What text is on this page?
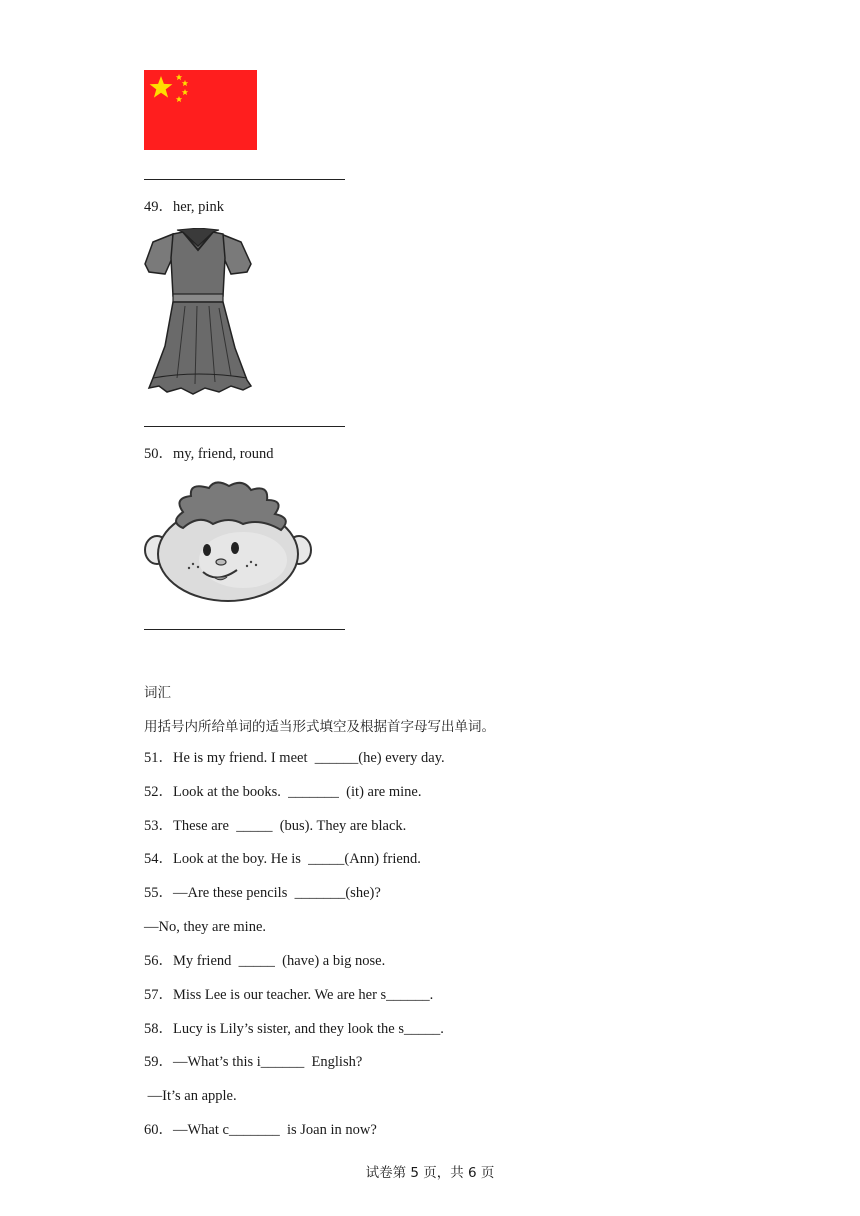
49．her, pink
50．my, friend, round
词汇
用括号内所给单词的适当形式填空及根据首字母写出单词。
51．He is my friend. I meet  ______(he) every day.
52．Look at the books.  _______  (it) are mine.
53．These are  _____  (bus). They are black.
54．Look at the boy. He is  _____(Ann) friend.
55．—Are these pencils  _______(she)?
—No, they are mine.
56．My friend  _____  (have) a big nose.
57．Miss Lee is our teacher. We are her s______.
58．Lucy is Lily’s sister, and they look the s_____.
59．—What’s this i______  English?
—It’s an apple.
60．—What c_______  is Joan in now?
试卷第 5 页，共 6 页
